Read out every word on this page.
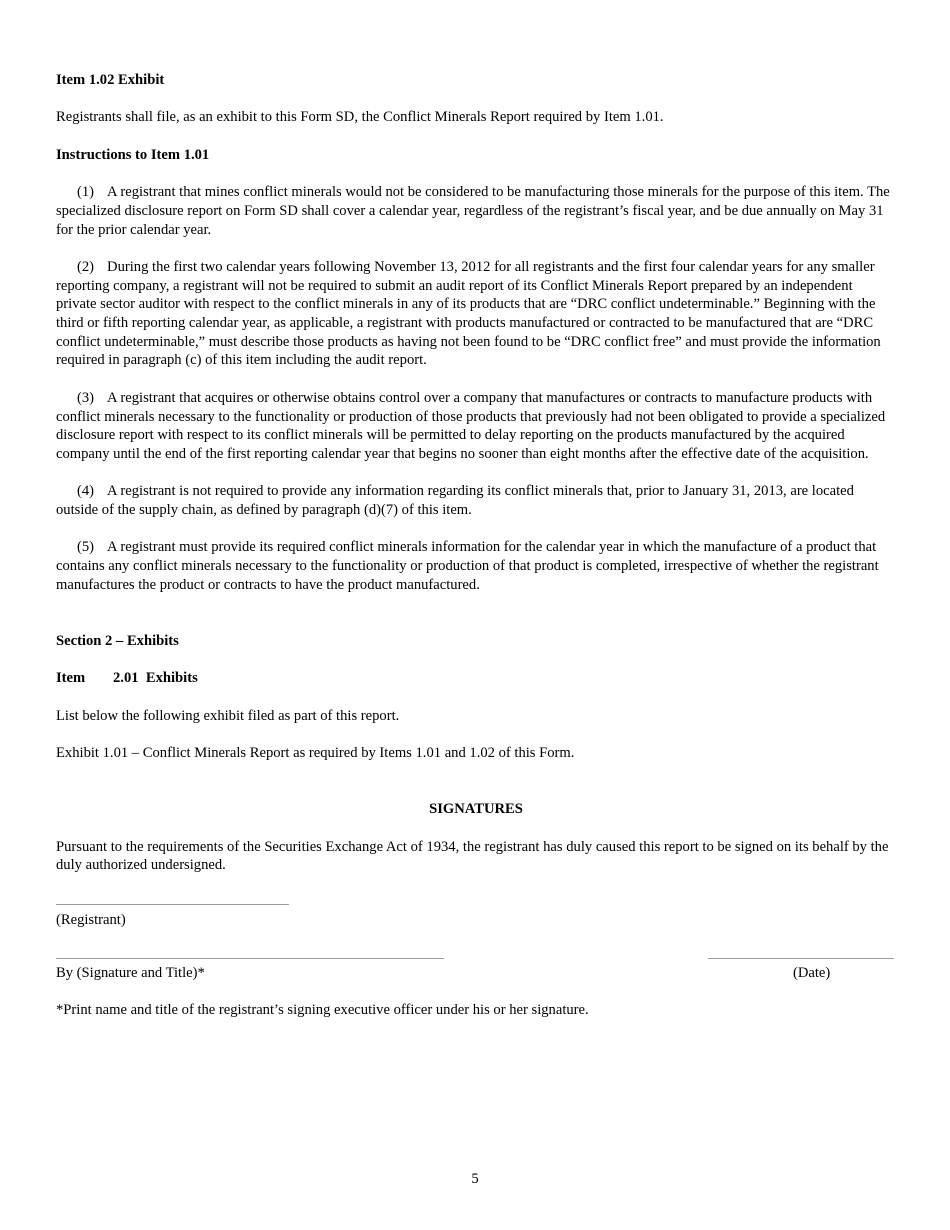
Item 1.02 Exhibit

Registrants shall file, as an exhibit to this Form SD, the Conflict Minerals Report required by Item 1.01.

Instructions to Item 1.01

(1) A registrant that mines conflict minerals would not be considered to be manufacturing those minerals for the purpose of this item. The specialized disclosure report on Form SD shall cover a calendar year, regardless of the registrant’s fiscal year, and be due annually on May 31 for the prior calendar year.

(2) During the first two calendar years following November 13, 2012 for all registrants and the first four calendar years for any smaller reporting company, a registrant will not be required to submit an audit report of its Conflict Minerals Report prepared by an independent private sector auditor with respect to the conflict minerals in any of its products that are “DRC conflict undeterminable.” Beginning with the third or fifth reporting calendar year, as applicable, a registrant with products manufactured or contracted to be manufactured that are “DRC conflict undeterminable,” must describe those products as having not been found to be “DRC conflict free” and must provide the information required in paragraph (c) of this item including the audit report.

(3) A registrant that acquires or otherwise obtains control over a company that manufactures or contracts to manufacture products with conflict minerals necessary to the functionality or production of those products that previously had not been obligated to provide a specialized disclosure report with respect to its conflict minerals will be permitted to delay reporting on the products manufactured by the acquired company until the end of the first reporting calendar year that begins no sooner than eight months after the effective date of the acquisition.

(4) A registrant is not required to provide any information regarding its conflict minerals that, prior to January 31, 2013, are located outside of the supply chain, as defined by paragraph (d)(7) of this item.

(5) A registrant must provide its required conflict minerals information for the calendar year in which the manufacture of a product that contains any conflict minerals necessary to the functionality or production of that product is completed, irrespective of whether the registrant manufactures the product or contracts to have the product manufactured.

Section 2 – Exhibits

Item 2.01 Exhibits

List below the following exhibit filed as part of this report.

Exhibit 1.01 – Conflict Minerals Report as required by Items 1.01 and 1.02 of this Form.

SIGNATURES

Pursuant to the requirements of the Securities Exchange Act of 1934, the registrant has duly caused this report to be signed on its behalf by the duly authorized undersigned.

(Registrant)

By (Signature and Title)*	(Date)

*Print name and title of the registrant’s signing executive officer under his or her signature.

5
